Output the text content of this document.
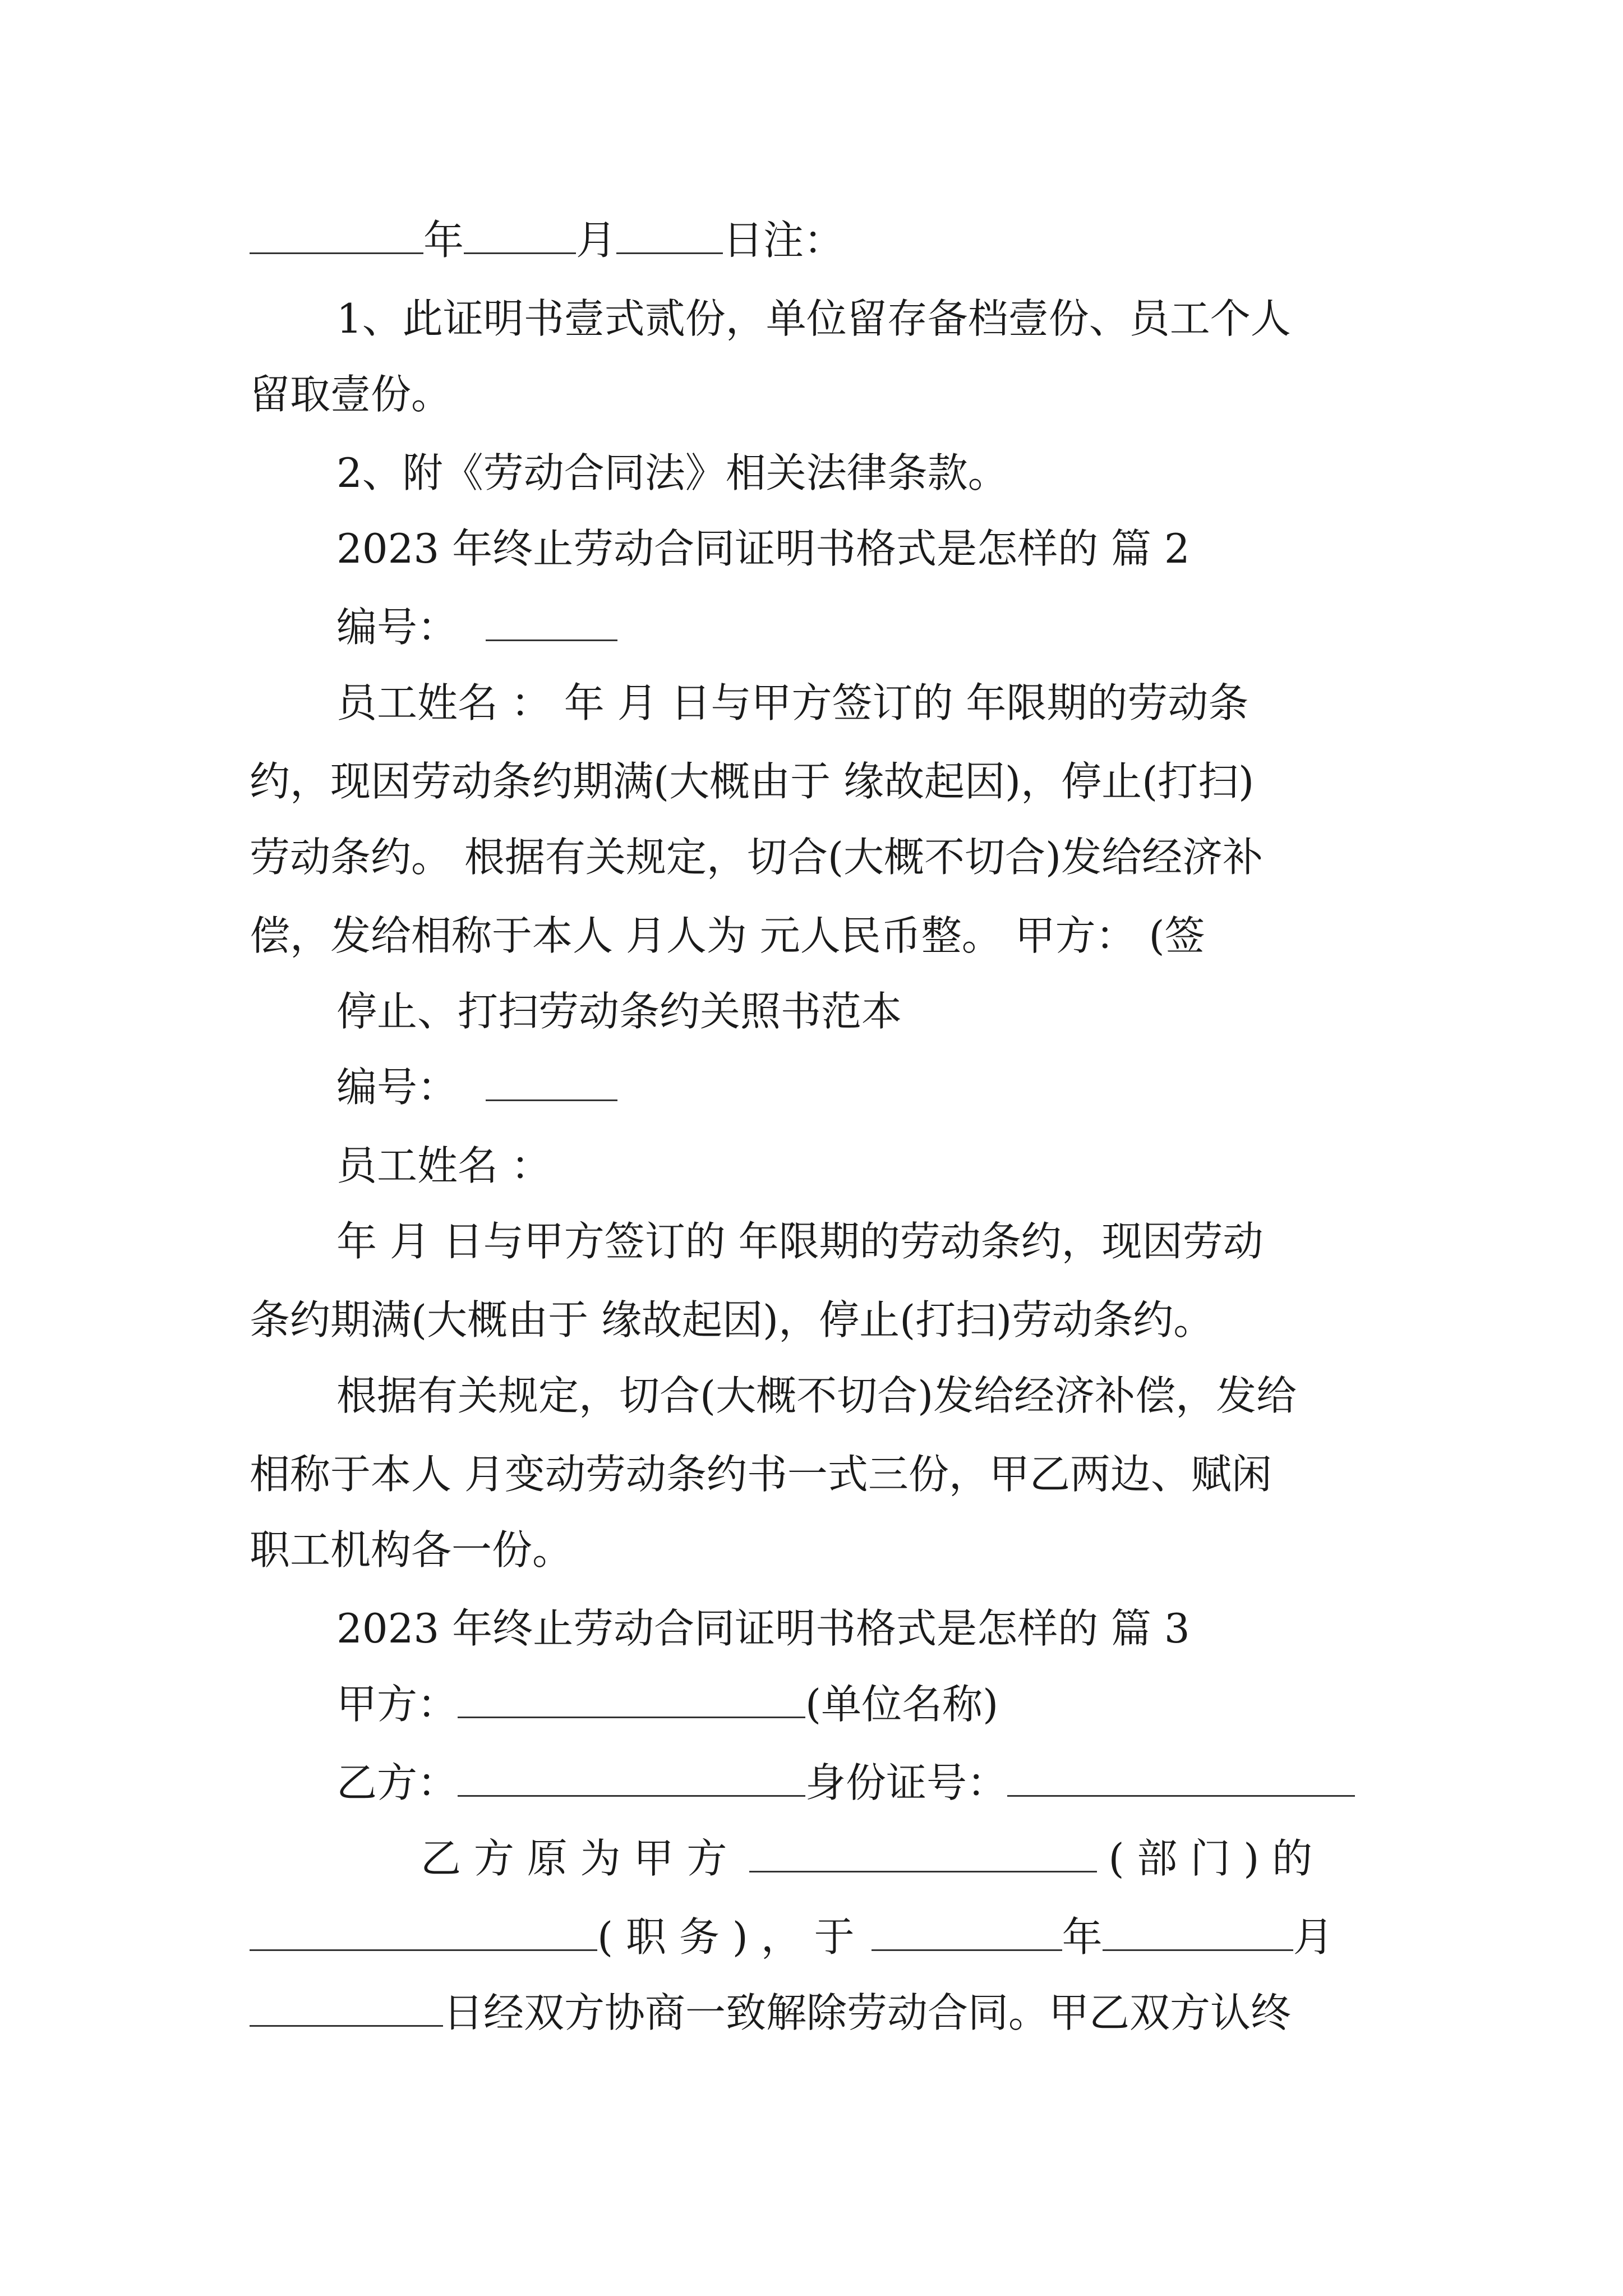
年	月	日注：
1、此证明书壹式贰份，单位留存备档壹份、员工个人
留取壹份。
2、附《劳动合同法》相关法律条款。
2023 年终止劳动合同证明书格式是怎样的 篇 2
编号：
员工姓名 ： 年 月 日与甲方签订的 年限期的劳动条
约，现因劳动条约期满(大概由于 缘故起因)，停止(打扫)
劳动条约。 根据有关规定，切合(大概不切合)发给经济补
偿，发给相称于本人 月人为 元人民币整。 甲方： (签
停止、打扫劳动条约关照书范本
编号：
员工姓名 ：
年 月 日与甲方签订的 年限期的劳动条约，现因劳动
条约期满(大概由于 缘故起因)，停止(打扫)劳动条约。
根据有关规定，切合(大概不切合)发给经济补偿，发给
相称于本人 月变动劳动条约书一式三份，甲乙两边、赋闲
职工机构各一份。
2023 年终止劳动合同证明书格式是怎样的 篇 3
甲方：	(单位名称)
乙方：	身份证号：
乙 方 原 为 甲 方	( 部 门 ) 的
( 职 务 ) ， 于	年	月
日经双方协商一致解除劳动合同。甲乙双方认终
